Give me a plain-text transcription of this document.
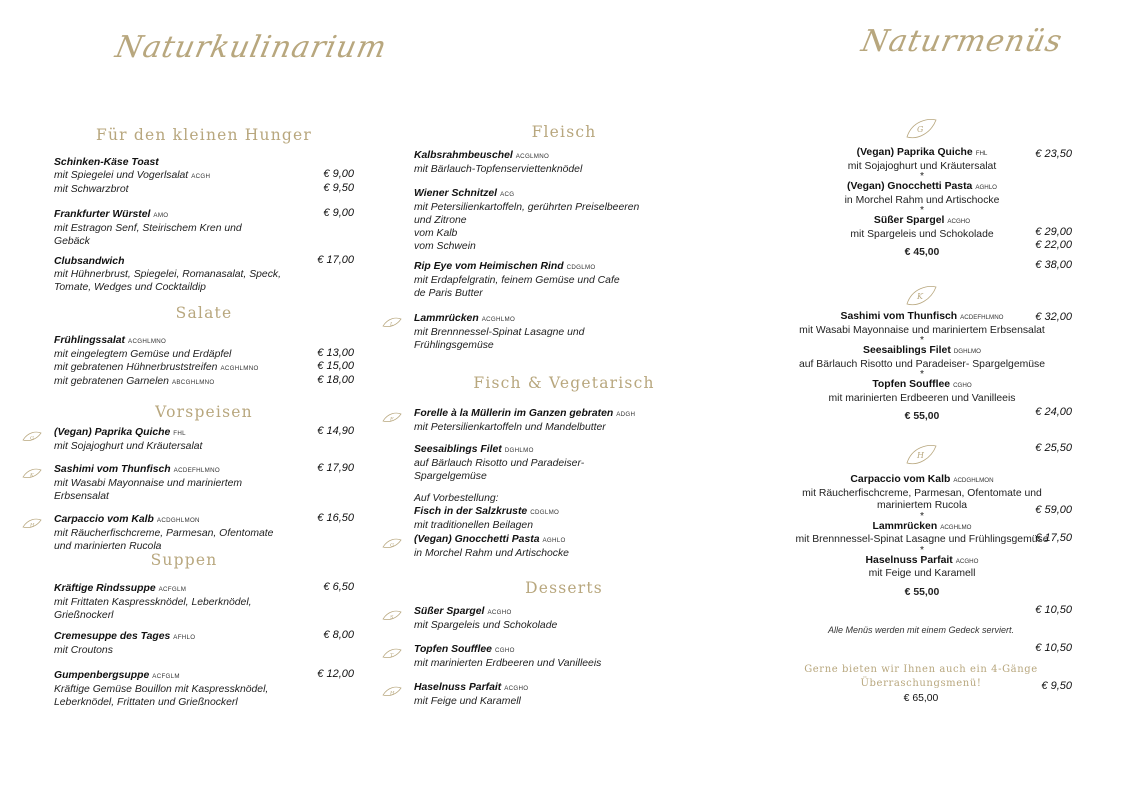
Naturkulinarium	Naturmenüs
Für den kleinen Hunger
Salate
Vorspeisen
Suppen
Fleisch
Fisch & Vegetarisch
Desserts
Schinken-Käse Toast
mit Spiegelei und Vogerlsalat ACGH	€ 9,00
mit Schwarzbrot	€ 9,50
Frankfurter Würstel AMO	€ 9,00
mit Estragon Senf, Steirischem Kren und
Gebäck
Clubsandwich	€ 17,00
mit Hühnerbrust, Spiegelei, Romanasalat, Speck,
Tomate, Wedges und Cocktaildip
Frühlingssalat ACGHLMNO
mit eingelegtem Gemüse und Erdäpfel	€ 13,00
mit gebratenen Hühnerbruststreifen ACGHLMNO	€ 15,00
mit gebratenen Garnelen ABCGHLMNO	€ 18,00
(Vegan) Paprika Quiche FHL	€ 14,90
mit Sojajoghurt und Kräutersalat
G
Sashimi vom Thunfisch ACDEFHLMNO	€ 17,90
mit Wasabi Mayonnaise und mariniertem
Erbsensalat
K
Carpaccio vom Kalb ACDGHLMON	€ 16,50
mit Räucherfischcreme, Parmesan, Ofentomate
und marinierten Rucola
H
Kräftige Rindssuppe ACFGLM	€ 6,50
mit Frittaten Kaspressknödel, Leberknödel,
Grießnockerl
Cremesuppe des Tages AFHLO	€ 8,00
mit Croutons
Gumpenbergsuppe ACFGLM	€ 12,00
Kräftige Gemüse Bouillon mit Kaspressknödel,
Leberknödel, Frittaten und Grießnockerl
Kalbsrahmbeuschel ACGLMNO	€ 23,50
mit Bärlauch-Topfenserviettenknödel
Wiener Schnitzel ACG
mit Petersilienkartoffeln, gerührten Preiselbeeren
und Zitrone
vom Kalb	€ 29,00
vom Schwein	€ 22,00
Rip Eye vom Heimischen Rind CDGLMO	€ 38,00
mit Erdapfelgratin, feinem Gemüse und Cafe
de Paris Butter
Lammrücken ACGHLMO	€ 32,00
mit Brennnessel-Spinat Lasagne und
Frühlingsgemüse
L
Forelle à la Müllerin im Ganzen gebraten ADGH	€ 24,00
mit Petersilienkartoffeln und Mandelbutter
F
Seesaiblings Filet DGHLMO	€ 25,50
auf Bärlauch Risotto und Paradeiser-
Spargelgemüse
Auf Vorbestellung:
Fisch in der Salzkruste CDGLMO	€ 59,00
mit traditionellen Beilagen
(Vegan) Gnocchetti Pasta AGHLO	€ 17,50
in Morchel Rahm und Artischocke
G
Süßer Spargel ACGHO	€ 10,50
mit Spargeleis und Schokolade
S
Topfen Soufflee CGHO	€ 10,50
mit marinierten Erdbeeren und Vanilleeis
T
Haselnuss Parfait ACGHO	€ 9,50
mit Feige und Karamell
H
G
(Vegan) Paprika Quiche FHL
mit Sojajoghurt und Kräutersalat
*
(Vegan) Gnocchetti Pasta AGHLO
in Morchel Rahm und Artischocke
*
Süßer Spargel ACGHO
mit Spargeleis und Schokolade
€ 45,00
K
Sashimi vom Thunfisch ACDEFHLMNO
mit Wasabi Mayonnaise und mariniertem Erbsensalat
*
Seesaiblings Filet DGHLMO
auf Bärlauch Risotto und Paradeiser- Spargelgemüse
*
Topfen Soufflee CGHO
mit marinierten Erdbeeren und Vanilleeis
€ 55,00
H
Carpaccio vom Kalb ACDGHLMON
mit Räucherfischcreme, Parmesan, Ofentomate und mariniertem Rucola
*
Lammrücken ACGHLMO
mit Brennnessel-Spinat Lasagne und Frühlingsgemüse
*
Haselnuss Parfait ACGHO
mit Feige und Karamell
€ 55,00
Alle Menüs werden mit einem Gedeck serviert.
Gerne bieten wir Ihnen auch ein 4-Gänge
Überraschungsmenü!
€ 65,00
